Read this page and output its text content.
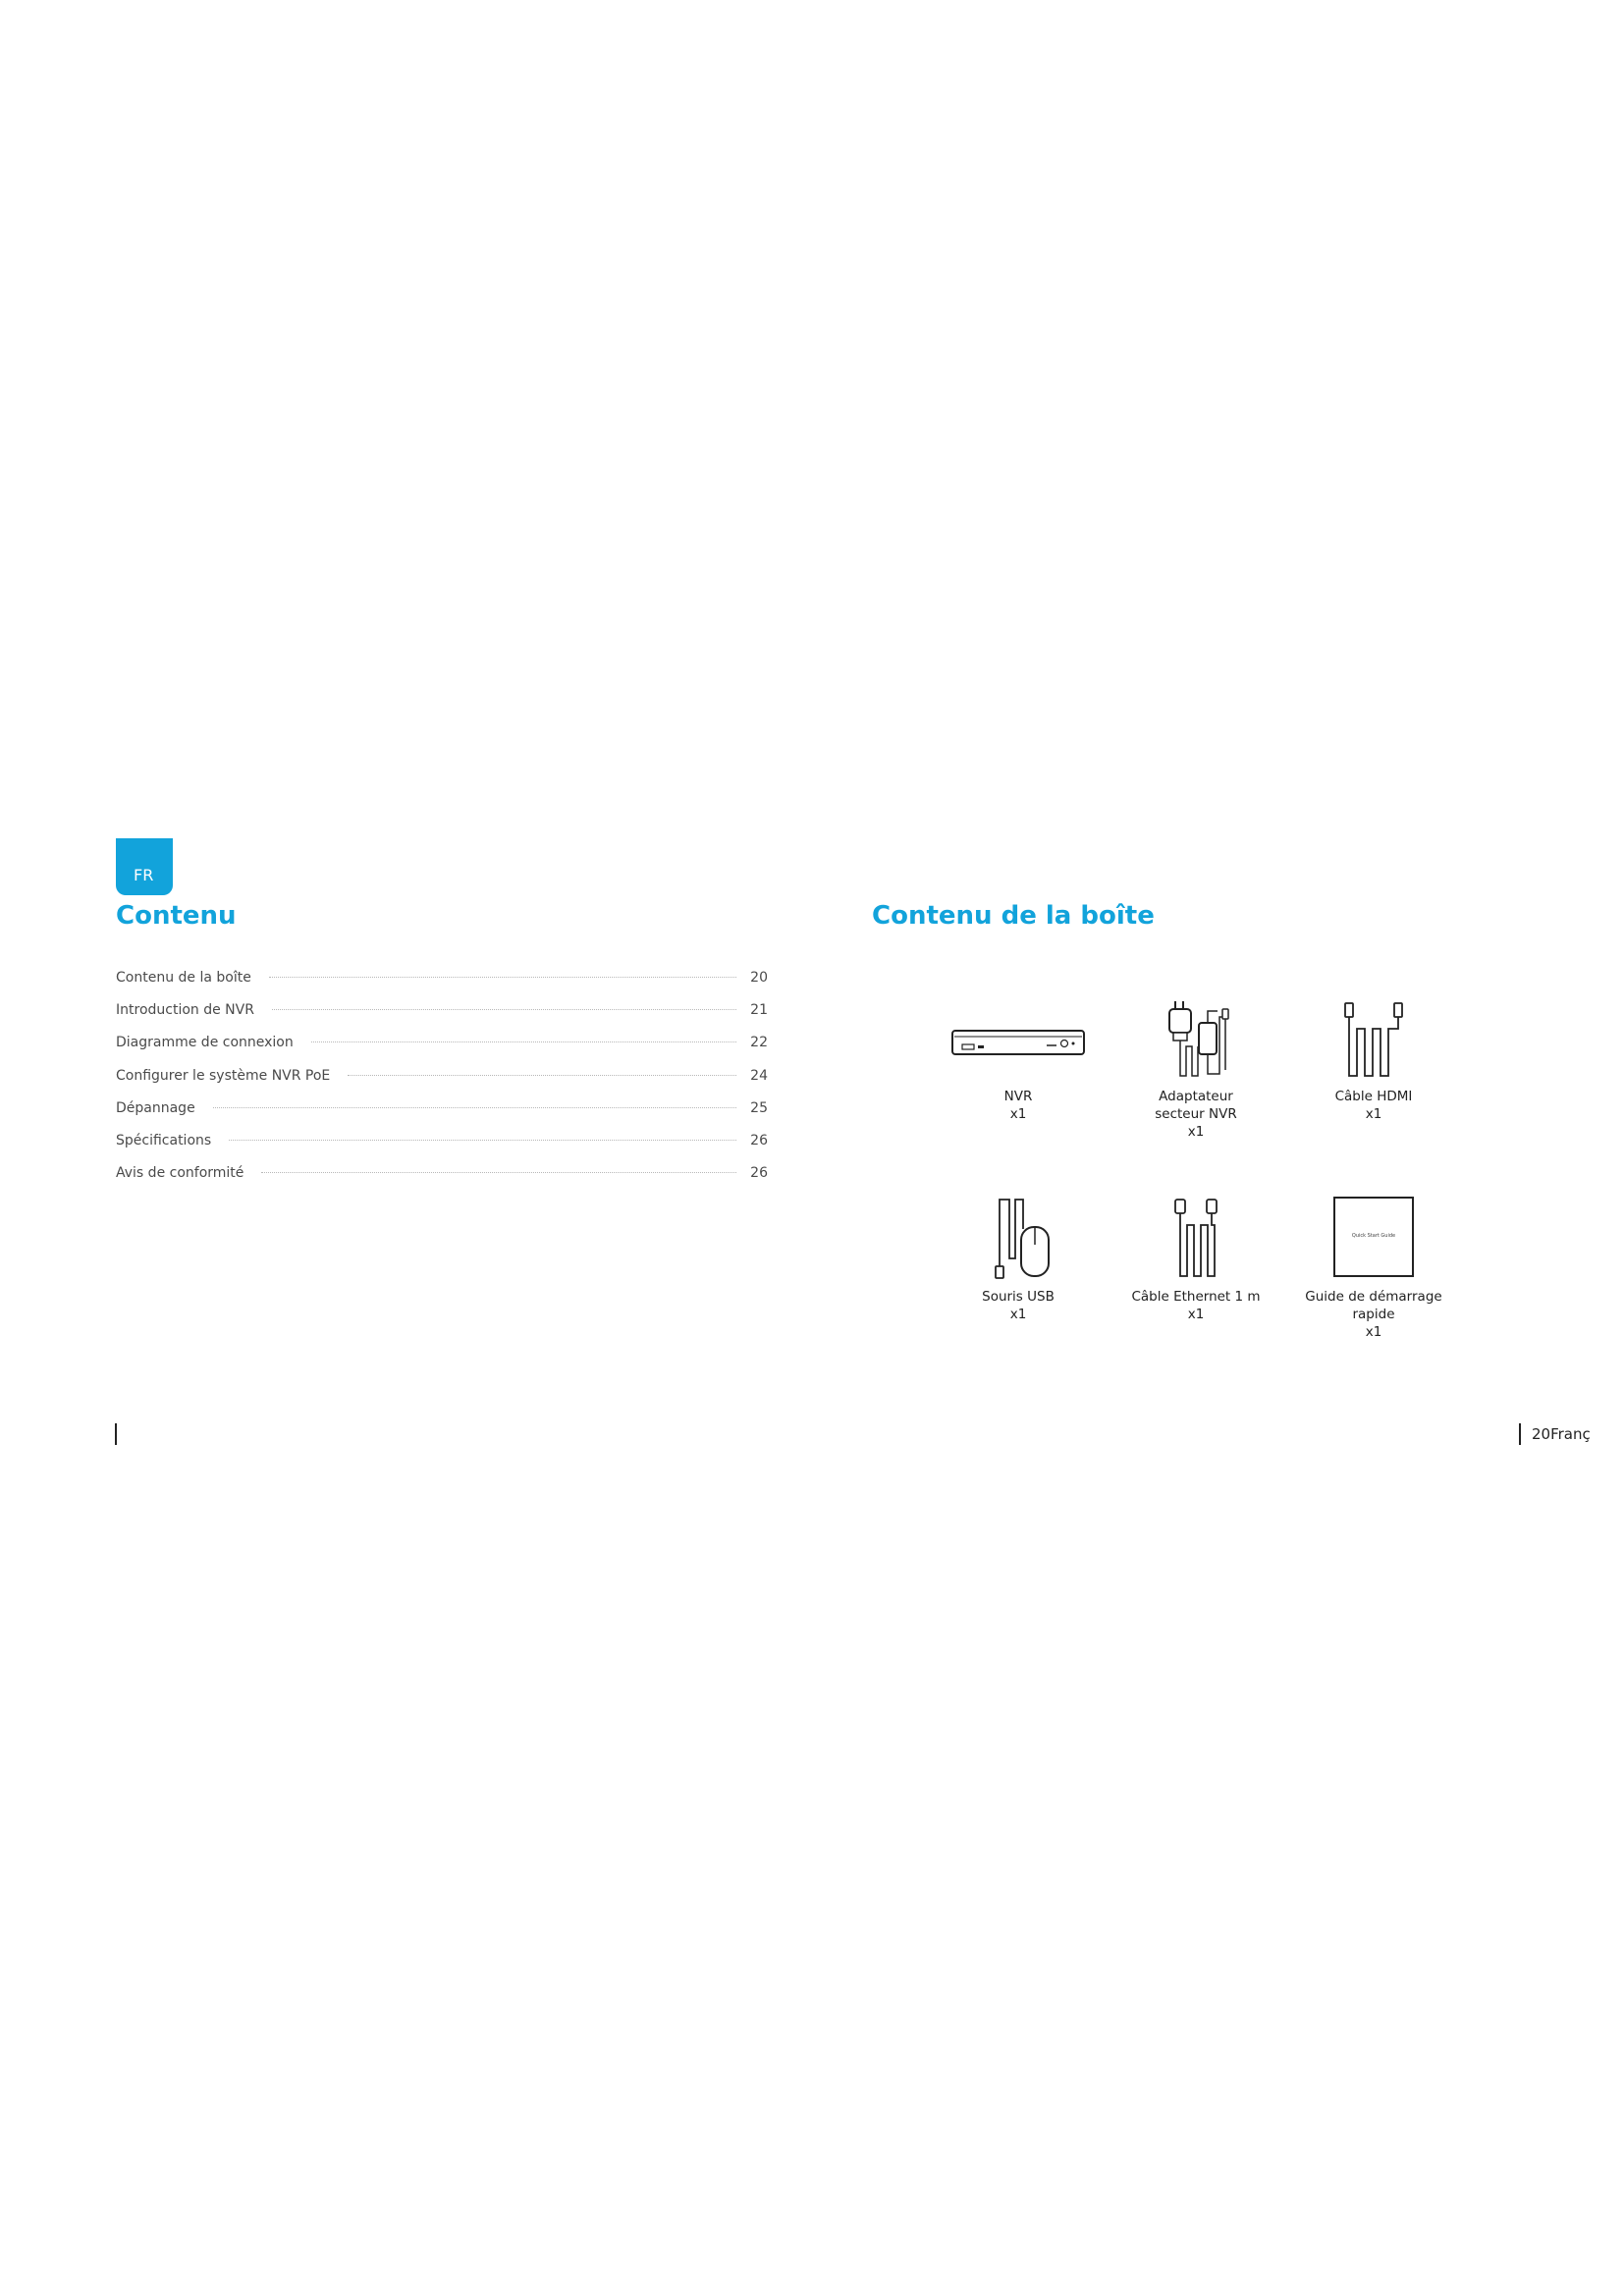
FR
Contenu	Contenu de la boîte
Contenu de la boîte	20
Introduction de NVR	21
Diagramme de connexion	22
Configurer le système NVR PoE	24
Dépannage	25
Spécifications	26
Avis de conformité	26
NVR
x1
Adaptateur secteur NVR
x1
Câble HDMI
x1
Souris USB
x1
Câble Ethernet 1 m
x1
Quick Start Guide
Guide de démarrage rapide
x1
20Franç
